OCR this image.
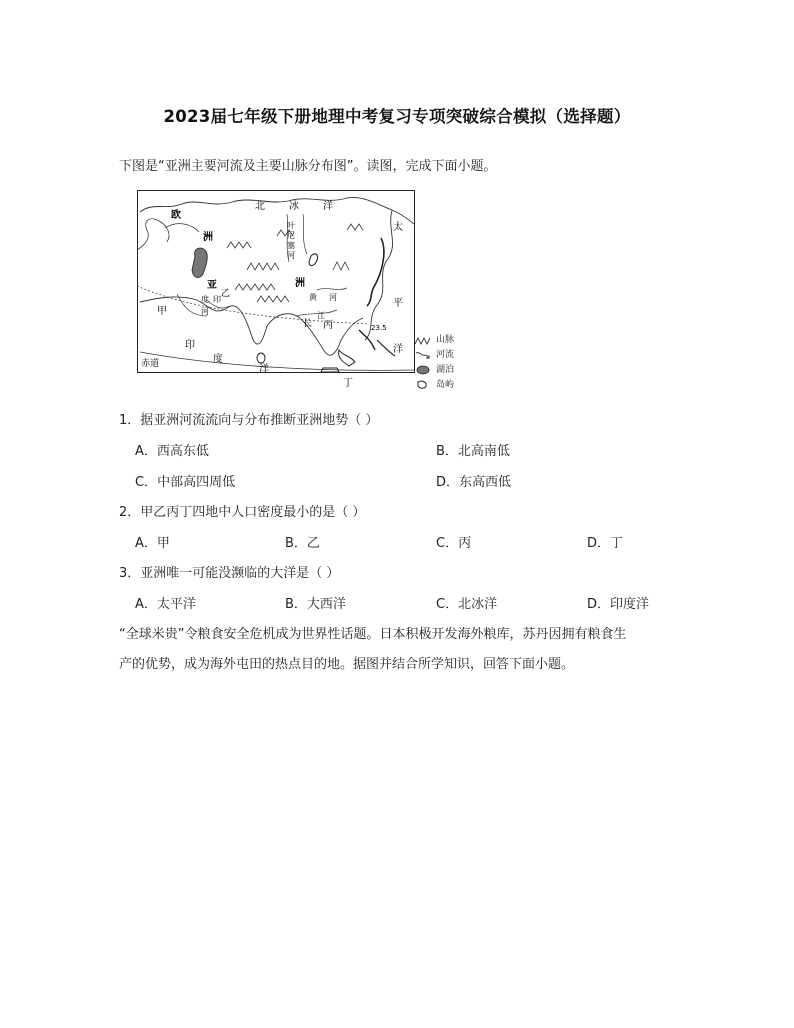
2023届七年级下册地理中考复习专项突破综合模拟（选择题）
下图是“亚洲主要河流及主要山脉分布图”。读图，完成下面小题。
欧
洲
北 冰 洋
叶
尼
塞
河
太
平
洋
亚	洲
印
度
乙
甲	河
黄 河
长
江
丙
丁
23.5
赤道
印
度
洋
山脉
河流
湖泊
岛屿
1．据亚洲河流流向与分布推断亚洲地势（ ）
A．西高东低	B．北高南低
C．中部高四周低	D．东高西低
2．甲乙丙丁四地中人口密度最小的是（ ）
A．甲	B．乙	C．丙	D．丁
3．亚洲唯一可能没濒临的大洋是（ ）
A．太平洋	B．大西洋	C．北冰洋	D．印度洋
“全球米贵”令粮食安全危机成为世界性话题。日本积极开发海外粮库，苏丹因拥有粮食生
产的优势，成为海外屯田的热点目的地。据图并结合所学知识，回答下面小题。
